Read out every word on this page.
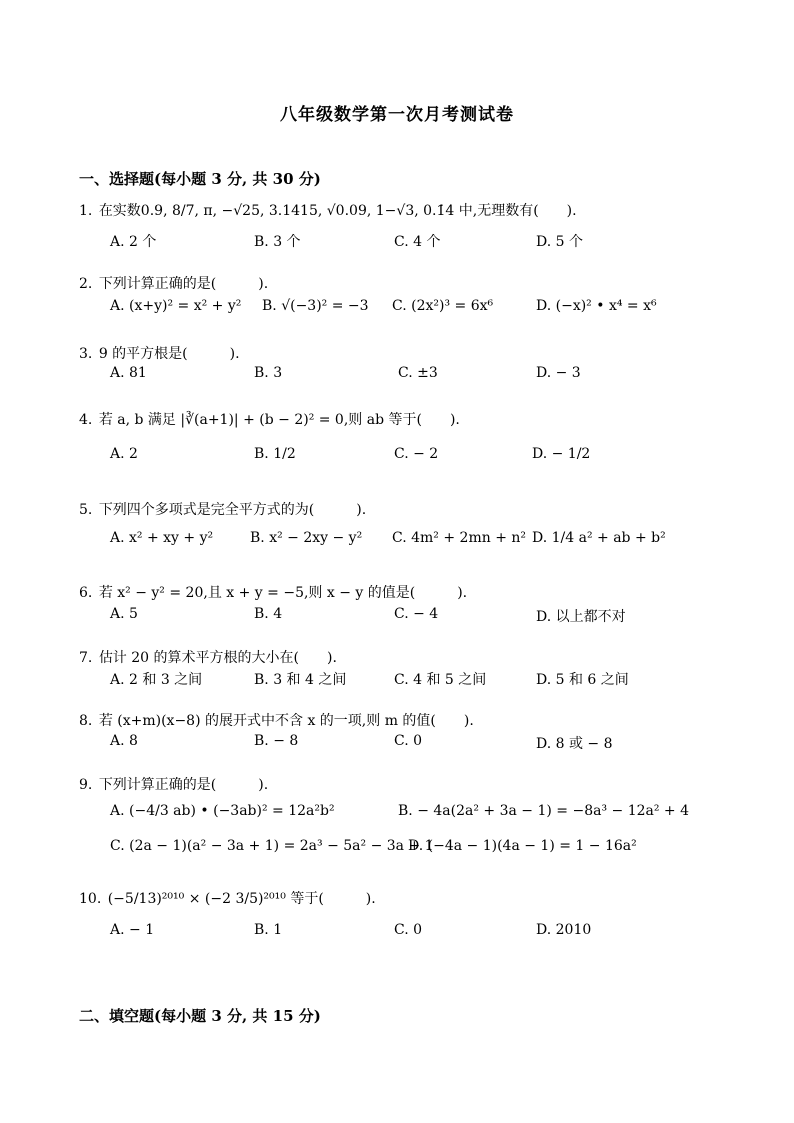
八年级数学第一次月考测试卷
一、选择题(每小题 3 分, 共 30 分)
1. 在实数0.9, 8/7, π, −√25, 3.1415, √0.09, 1−√3, 0.1̇4̇ 中,无理数有(　　).
A. 2 个	B. 3 个	C. 4 个	D. 5 个
2. 下列计算正确的是(　　　).
A. (x+y)² = x² + y² B. √(−3)² = −3 C. (2x²)³ = 6x⁶	D. (−x)² • x⁴ = x⁶
3. 9 的平方根是(　　　).
A. 81	B. 3	C. ±3	D. − 3
4. 若 a, b 满足 |∛(a+1)| + (b − 2)² = 0,则 ab 等于(　　).
A. 2	B. 1/2	C. − 2	D. − 1/2
5. 下列四个多项式是完全平方式的为(　　　).
A. x² + xy + y²	B. x² − 2xy − y² C. 4m² + 2mn + n² D. 1/4 a² + ab + b²
6. 若 x² − y² = 20,且 x + y = −5,则 x − y 的值是(　　　).
A. 5	B. 4	C. − 4	D. 以上都不对
7. 估计 20 的算术平方根的大小在(　　).
A. 2 和 3 之间	B. 3 和 4 之间	C. 4 和 5 之间	D. 5 和 6 之间
8. 若 (x+m)(x−8) 的展开式中不含 x 的一项,则 m 的值(　　).
A. 8	B. − 8	C. 0	D. 8 或 − 8
9. 下列计算正确的是(　　　).
A. (−4/3 ab) • (−3ab)² = 12a²b²	B. − 4a(2a² + 3a − 1) = −8a³ − 12a² + 4
C. (2a − 1)(a² − 3a + 1) = 2a³ − 5a² − 3a + 1
D. (−4a − 1)(4a − 1) = 1 − 16a²
10. (−5/13)²⁰¹⁰ × (−2 3/5)²⁰¹⁰ 等于(　　　).
A. − 1	B. 1	C. 0	D. 2010
二、填空题(每小题 3 分, 共 15 分)
